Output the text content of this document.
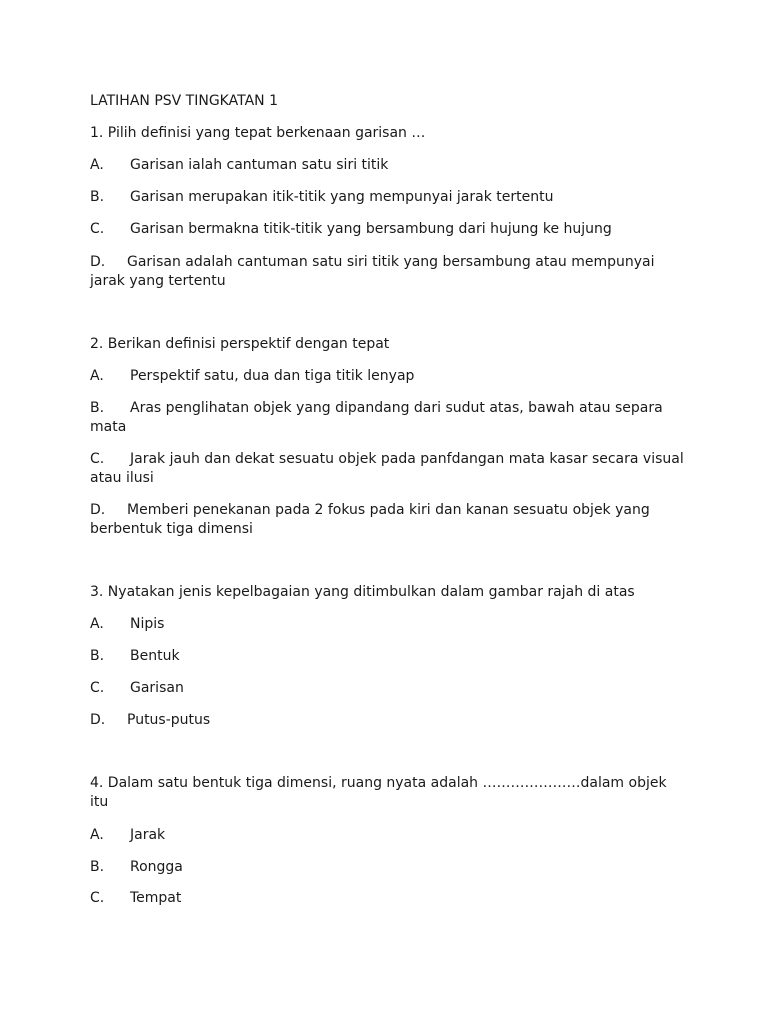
LATIHAN PSV TINGKATAN 1
1. Pilih definisi yang tepat berkenaan garisan …
A. Garisan ialah cantuman satu siri titik
B. Garisan merupakan itik-titik yang mempunyai jarak tertentu
C. Garisan bermakna titik-titik yang bersambung dari hujung ke hujung
D. Garisan adalah cantuman satu siri titik yang bersambung atau mempunyai
jarak yang tertentu
2. Berikan definisi perspektif dengan tepat
A. Perspektif satu, dua dan tiga titik lenyap
B. Aras penglihatan objek yang dipandang dari sudut atas, bawah atau separa
mata
C. Jarak jauh dan dekat sesuatu objek pada panfdangan mata kasar secara visual
atau ilusi
D. Memberi penekanan pada 2 fokus pada kiri dan kanan sesuatu objek yang
berbentuk tiga dimensi
3. Nyatakan jenis kepelbagaian yang ditimbulkan dalam gambar rajah di atas
A. Nipis
B. Bentuk
C. Garisan
D. Putus-putus
4. Dalam satu bentuk tiga dimensi, ruang nyata adalah …………………dalam objek
itu
A. Jarak
B. Rongga
C. Tempat
